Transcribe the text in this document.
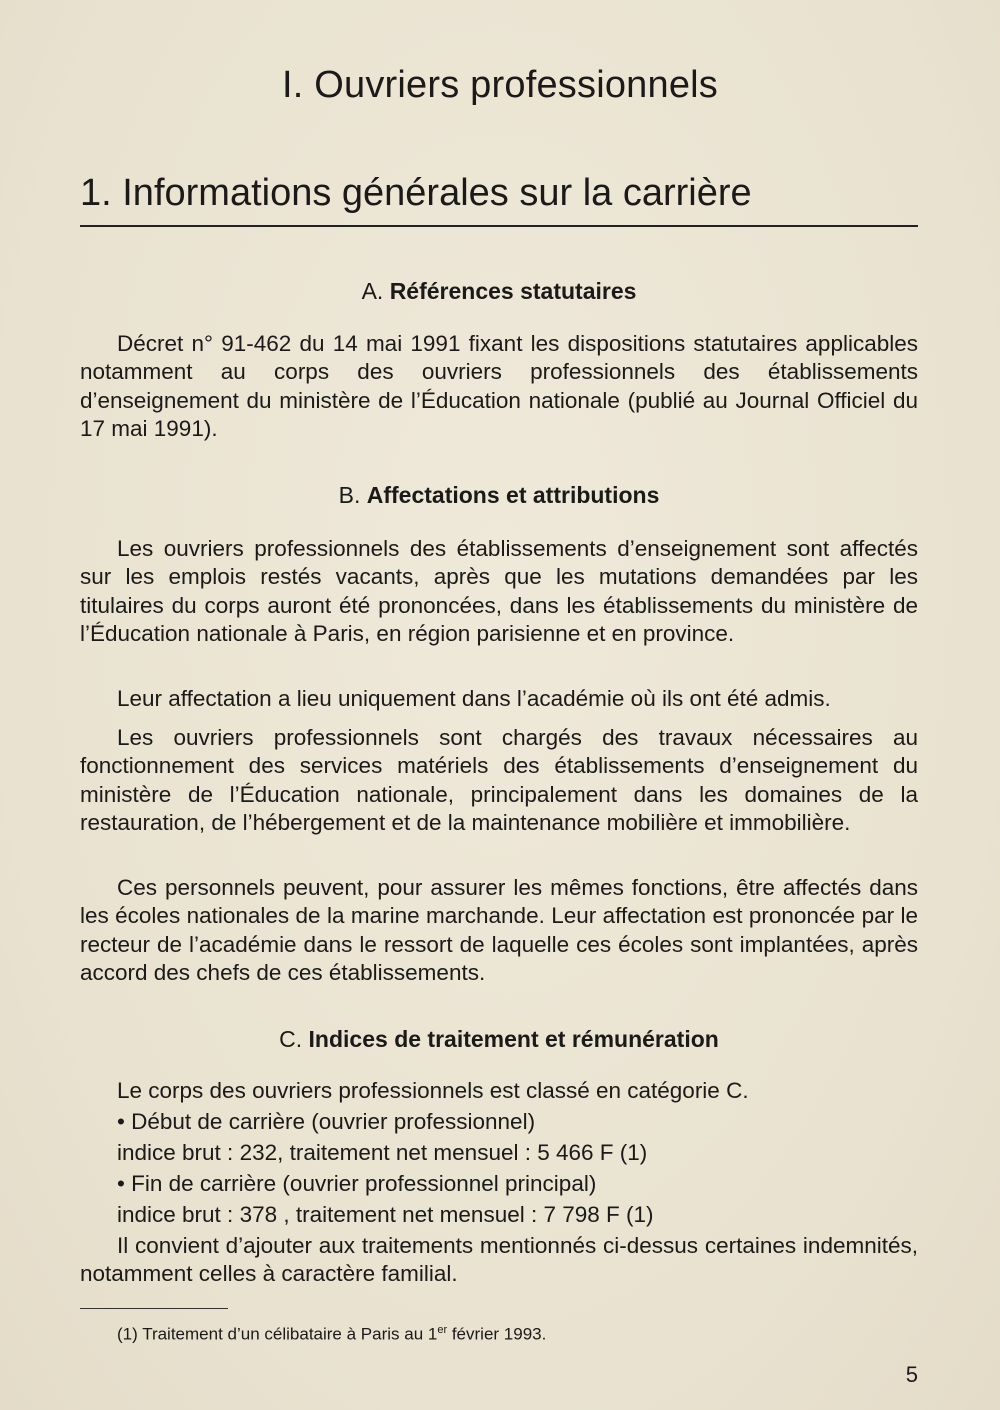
I. Ouvriers professionnels
1. Informations générales sur la carrière
A. Références statutaires

Décret n° 91-462 du 14 mai 1991 fixant les dispositions statutaires applicables notamment au corps des ouvriers professionnels des établissements d’enseignement du ministère de l’Éducation nationale (publié au Journal Officiel du 17 mai 1991).

B. Affectations et attributions

Les ouvriers professionnels des établissements d’enseignement sont affectés sur les emplois restés vacants, après que les mutations demandées par les titulaires du corps auront été prononcées, dans les établissements du ministère de l’Éducation nationale à Paris, en région parisienne et en province.

Leur affectation a lieu uniquement dans l’académie où ils ont été admis.

Les ouvriers professionnels sont chargés des travaux nécessaires au fonctionnement des services matériels des établissements d’enseignement du ministère de l’Éducation nationale, principalement dans les domaines de la restauration, de l’hébergement et de la maintenance mobilière et immobilière.

Ces personnels peuvent, pour assurer les mêmes fonctions, être affectés dans les écoles nationales de la marine marchande. Leur affectation est prononcée par le recteur de l’académie dans le ressort de laquelle ces écoles sont implantées, après accord des chefs de ces établissements.

C. Indices de traitement et rémunération

Le corps des ouvriers professionnels est classé en catégorie C.

• Début de carrière (ouvrier professionnel)

indice brut : 232, traitement net mensuel : 5 466 F (1)

• Fin de carrière (ouvrier professionnel principal)

indice brut : 378 , traitement net mensuel : 7 798 F (1)

Il convient d’ajouter aux traitements mentionnés ci-dessus certaines indemnités, notamment celles à caractère familial.

(1) Traitement d’un célibataire à Paris au 1er février 1993.

5
